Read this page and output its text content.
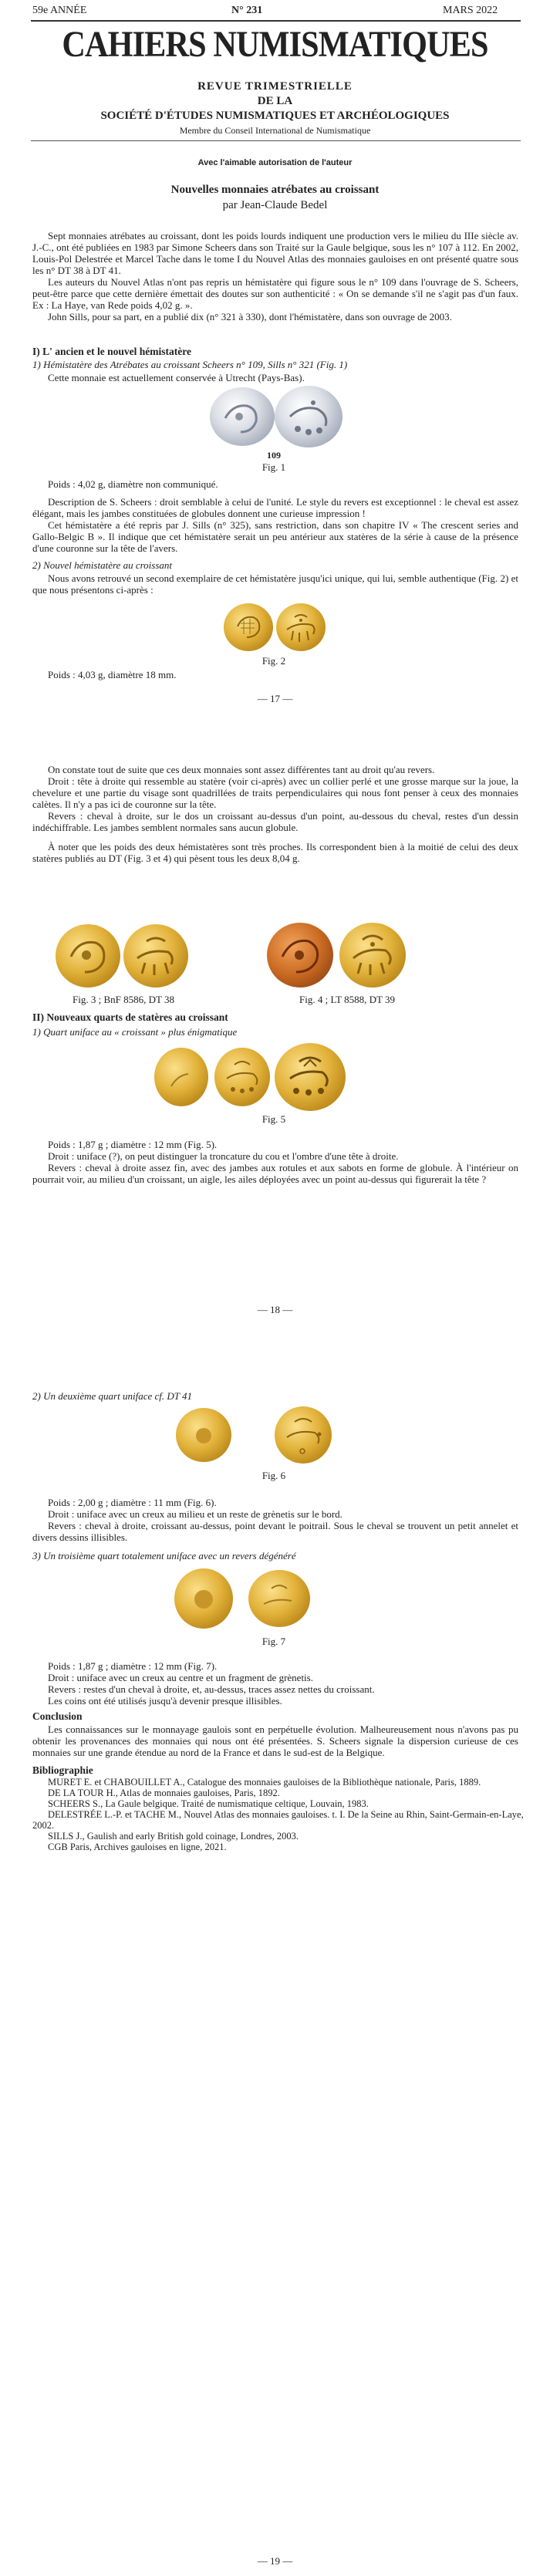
59e ANNÉE	N° 231	MARS 2022
CAHIERS NUMISMATIQUES
REVUE TRIMESTRIELLE
DE LA
SOCIÉTÉ D'ÉTUDES NUMISMATIQUES ET ARCHÉOLOGIQUES
Membre du Conseil International de Numismatique
Avec l'aimable autorisation de l'auteur
Nouvelles monnaies atrébates au croissant
par Jean-Claude Bedel

Sept monnaies atrébates au croissant, dont les poids lourds indiquent une production vers le milieu du IIIe siècle av. J.-C., ont été publiées en 1983 par Simone Scheers dans son Traité sur la Gaule belgique, sous les n° 107 à 112. En 2002, Louis-Pol Delestrée et Marcel Tache dans le tome I du Nouvel Atlas des monnaies gauloises en ont présenté quatre sous les n° DT 38 à DT 41.

Les auteurs du Nouvel Atlas n'ont pas repris un hémistatère qui figure sous le n° 109 dans l'ouvrage de S. Scheers, peut-être parce que cette dernière émettait des doutes sur son authenticité : « On se demande s'il ne s'agit pas d'un faux. Ex : La Haye, van Rede poids 4,02 g. ».

John Sills, pour sa part, en a publié dix (n° 321 à 330), dont l'hémistatère, dans son ouvrage de 2003.

I) L' ancien et le nouvel hémistatère
1) Hémistatère des Atrébates au croissant Scheers n° 109, Sills n° 321 (Fig. 1)
Cette monnaie est actuellement conservée à Utrecht (Pays-Bas).
109
Fig. 1

Poids : 4,02 g, diamètre non communiqué.

Description de S. Scheers : droit semblable à celui de l'unité. Le style du revers est exceptionnel : le cheval est assez élégant, mais les jambes constituées de globules donnent une curieuse impression !

Cet hémistatère a été repris par J. Sills (n° 325), sans restriction, dans son chapitre IV « The crescent series and Gallo-Belgic B ». Il indique que cet hémistatère serait un peu antérieur aux statères de la série à cause de la présence d'une couronne sur la tête de l'avers.

2) Nouvel hémistatère au croissant
Nous avons retrouvé un second exemplaire de cet hémistatère jusqu'ici unique, qui lui, semble authentique (Fig. 2) et que nous présentons ci-après :
Fig. 2
Poids : 4,03 g, diamètre 18 mm.
— 17 —

On constate tout de suite que ces deux monnaies sont assez différentes tant au droit qu'au revers.

Droit : tête à droite qui ressemble au statère (voir ci-après) avec un collier perlé et une grosse marque sur la joue, la chevelure et une partie du visage sont quadrillées de traits perpendiculaires qui nous font penser à ceux des monnaies calètes. Il n'y a pas ici de couronne sur la tête.

Revers : cheval à droite, sur le dos un croissant au-dessus d'un point, au-dessous du cheval, restes d'un dessin indéchiffrable. Les jambes semblent normales sans aucun globule.

À noter que les poids des deux hémistatères sont très proches. Ils correspondent bien à la moitié de celui des deux statères publiés au DT (Fig. 3 et 4) qui pèsent tous les deux 8,04 g.

Fig. 3 ; BnF 8586, DT 38	Fig. 4 ; LT 8588, DT 39
II) Nouveaux quarts de statères au croissant
1) Quart uniface au « croissant » plus énigmatique
Fig. 5

Poids : 1,87 g ; diamètre : 12 mm (Fig. 5).

Droit : uniface (?), on peut distinguer la troncature du cou et l'ombre d'une tête à droite.

Revers : cheval à droite assez fin, avec des jambes aux rotules et aux sabots en forme de globule. À l'intérieur on pourrait voir, au milieu d'un croissant, un aigle, les ailes déployées avec un point au-dessus qui figurerait la tête ?

— 18 —
2) Un deuxième quart uniface cf. DT 41
Fig. 6

Poids : 2,00 g ; diamètre : 11 mm (Fig. 6).

Droit : uniface avec un creux au milieu et un reste de grènetis sur le bord.

Revers : cheval à droite, croissant au-dessus, point devant le poitrail. Sous le cheval se trouvent un petit annelet et divers dessins illisibles.

3) Un troisième quart totalement uniface avec un revers dégénéré
Fig. 7

Poids : 1,87 g ; diamètre : 12 mm (Fig. 7).

Droit : uniface avec un creux au centre et un fragment de grènetis.

Revers : restes d'un cheval à droite, et, au-dessus, traces assez nettes du croissant.

Les coins ont été utilisés jusqu'à devenir presque illisibles.

Conclusion
Les connaissances sur le monnayage gaulois sont en perpétuelle évolution. Malheureusement nous n'avons pas pu obtenir les provenances des monnaies qui nous ont été présentées. S. Scheers signale la dispersion curieuse de ces monnaies sur une grande étendue au nord de la France et dans le sud-est de la Belgique.
Bibliographie

MURET E. et CHABOUILLET A., Catalogue des monnaies gauloises de la Bibliothèque nationale, Paris, 1889.

DE LA TOUR H., Atlas de monnaies gauloises, Paris, 1892.

SCHEERS S., La Gaule belgique. Traité de numismatique celtique, Louvain, 1983.

DELESTRÉE L.-P. et TACHE M., Nouvel Atlas des monnaies gauloises. t. I. De la Seine au Rhin, Saint-Germain-en-Laye, 2002.

SILLS J., Gaulish and early British gold coinage, Londres, 2003.

CGB Paris, Archives gauloises en ligne, 2021.

— 19 —
